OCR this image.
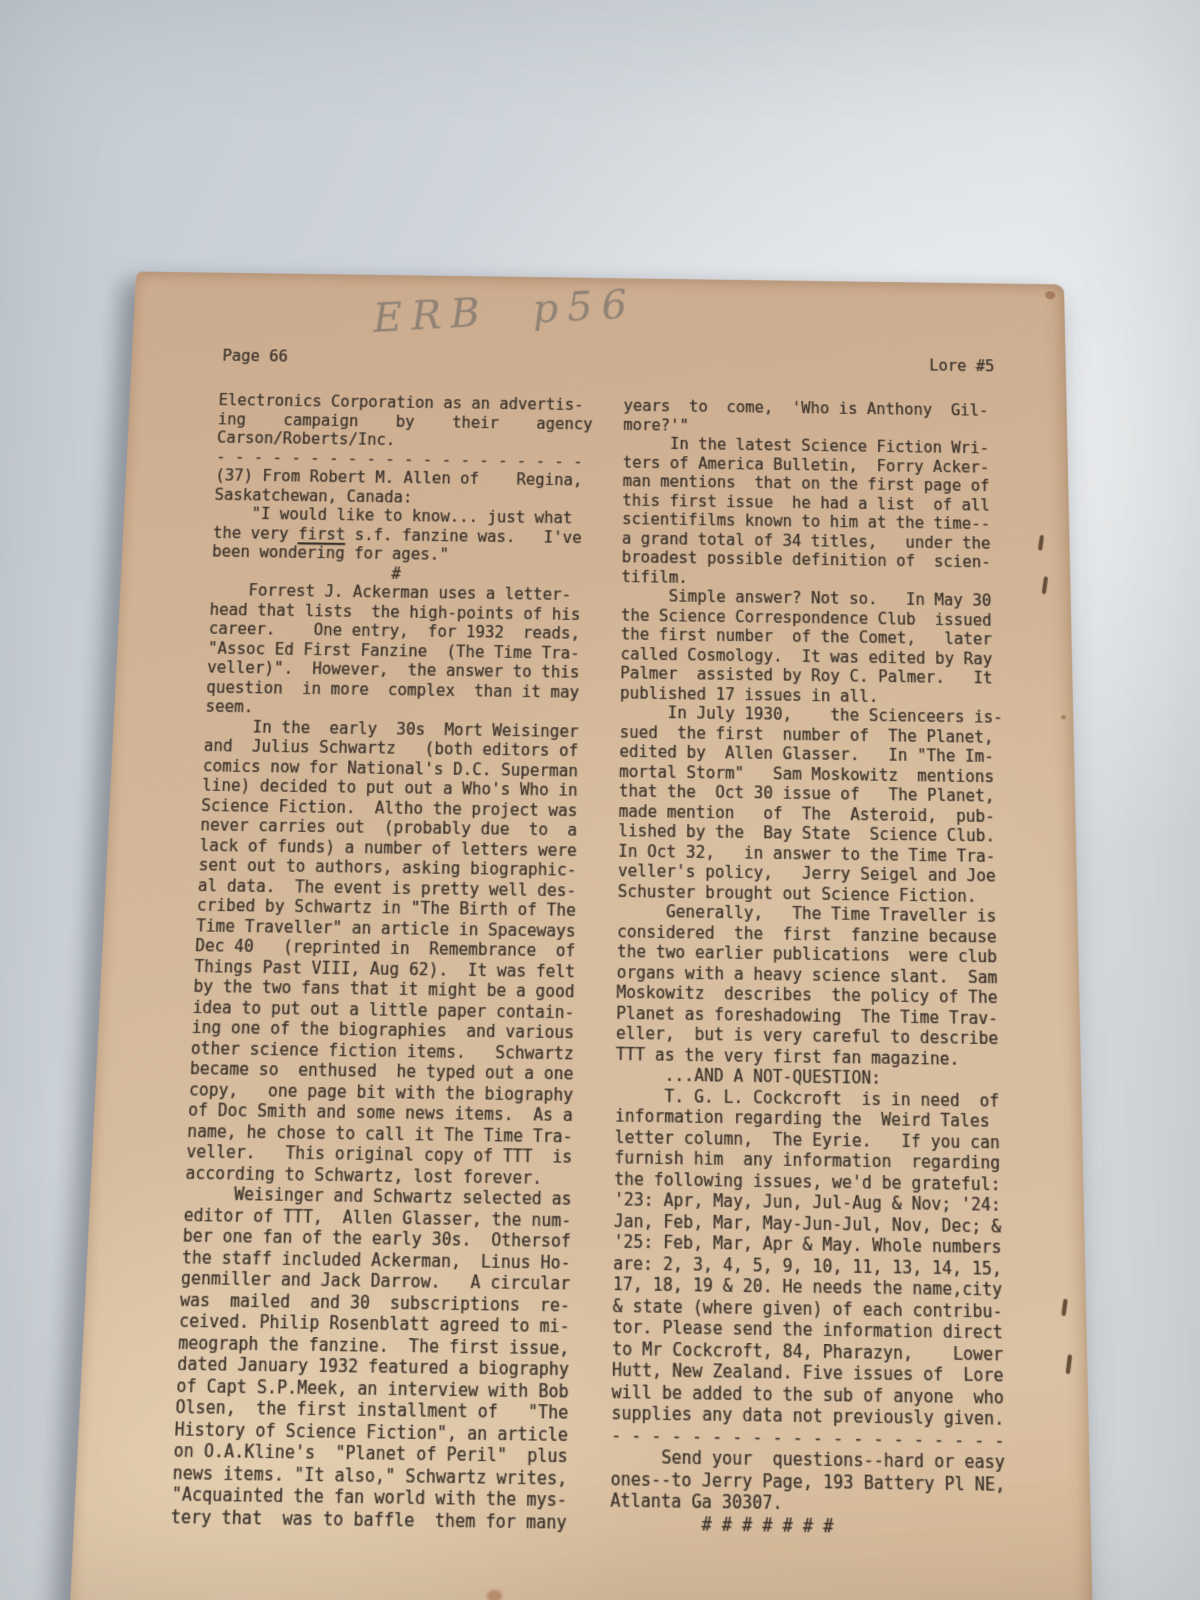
ERB  p56
Page 66
Lore #5
Electronics Corporation as an advertis-
ing    campaign    by    their    agency
Carson/Roberts/Inc.
- - - - - - - - - - - - - - - - - - - -
(37) From Robert M. Allen of    Regina,
Saskatchewan, Canada:
"I would like to know... just what
the very first s.f. fanzine was.   I've
been wondering for ages."
#
Forrest J. Ackerman uses a letter-
head that lists  the high-points of his
career.    One entry,  for 1932  reads,
"Assoc Ed First Fanzine  (The Time Tra-
veller)".  However,  the answer to this
question  in more  complex  than it may
seem.
In the  early  30s  Mort Weisinger
and  Julius Schwartz   (both editors of
comics now for National's D.C. Superman
line) decided to put out a Who's Who in
Science Fiction.  Altho the project was
never carries out  (probably due  to  a
lack of funds) a number of letters were
sent out to authors, asking biographic-
al data.  The event is pretty well des-
cribed by Schwartz in "The Birth of The
Time Traveller" an article in Spaceways
Dec 40   (reprinted in  Remembrance  of
Things Past VIII, Aug 62).  It was felt
by the two fans that it might be a good
idea to put out a little paper contain-
ing one of the biographies  and various
other science fiction items.   Schwartz
became so  enthused  he typed out a one
copy,   one page bit with the biography
of Doc Smith and some news items.  As a
name, he chose to call it The Time Tra-
veller.   This original copy of TTT  is
according to Schwartz, lost forever.
Weisinger and Schwartz selected as
editor of TTT,  Allen Glasser, the num-
ber one fan of the early 30s.  Othersof
the staff included Ackerman,  Linus Ho-
genmiller and Jack Darrow.   A circular
was  mailed  and 30  subscriptions  re-
ceived. Philip Rosenblatt agreed to mi-
meograph the fanzine.  The first issue,
dated January 1932 featured a biography
of Capt S.P.Meek, an interview with Bob
Olsen,  the first installment of   "The
History of Science Fiction", an article
on O.A.Kline's  "Planet of Peril"  plus
news items. "It also," Schwartz writes,
"Acquainted the fan world with the mys-
tery that  was to baffle  them for many
years  to  come,  'Who is Anthony  Gil-
more?'"
In the latest Science Fiction Wri-
ters of America Bulletin,  Forry Acker-
man mentions  that on the first page of
this first issue  he had a list  of all
scientifilms known to him at the time--
a grand total of 34 titles,   under the
broadest possible definition of  scien-
tifilm.
Simple answer? Not so.   In May 30
the Science Correspondence Club  issued
the first number  of the Comet,   later
called Cosmology.  It was edited by Ray
Palmer  assisted by Roy C. Palmer.   It
published 17 issues in all.
In July 1930,    the Scienceers is-
sued  the first  number of  The Planet,
edited by  Allen Glasser.   In "The Im-
mortal Storm"   Sam Moskowitz  mentions
that the  Oct 30 issue of   The Planet,
made mention   of  The  Asteroid,  pub-
lished by the  Bay State  Science Club.
In Oct 32,   in answer to the Time Tra-
veller's policy,   Jerry Seigel and Joe
Schuster brought out Science Fiction.
Generally,   The Time Traveller is
considered  the  first  fanzine because
the two earlier publications  were club
organs with a heavy science slant.  Sam
Moskowitz  describes  the policy of The
Planet as foreshadowing  The Time Trav-
eller,  but is very careful to describe
TTT as the very first fan magazine.
...AND A NOT-QUESTION:
T. G. L. Cockcroft  is in need  of
information regarding the  Weird Tales
letter column,  The Eyrie.   If you can
furnish him  any information  regarding
the following issues, we'd be grateful:
'23: Apr, May, Jun, Jul-Aug & Nov; '24:
Jan, Feb, Mar, May-Jun-Jul, Nov, Dec; &
'25: Feb, Mar, Apr & May. Whole numbers
are: 2, 3, 4, 5, 9, 10, 11, 13, 14, 15,
17, 18, 19 & 20. He needs the name,city
& state (where given) of each contribu-
tor. Please send the information direct
to Mr Cockcroft, 84, Pharazyn,    Lower
Hutt, New Zealand. Five issues of  Lore
will be added to the sub of anyone  who
supplies any data not previously given.
- - - - - - - - - - - - - - - - - - - -
Send your  questions--hard or easy
ones--to Jerry Page, 193 Battery Pl NE,
Atlanta Ga 30307.
# # # # # # #
